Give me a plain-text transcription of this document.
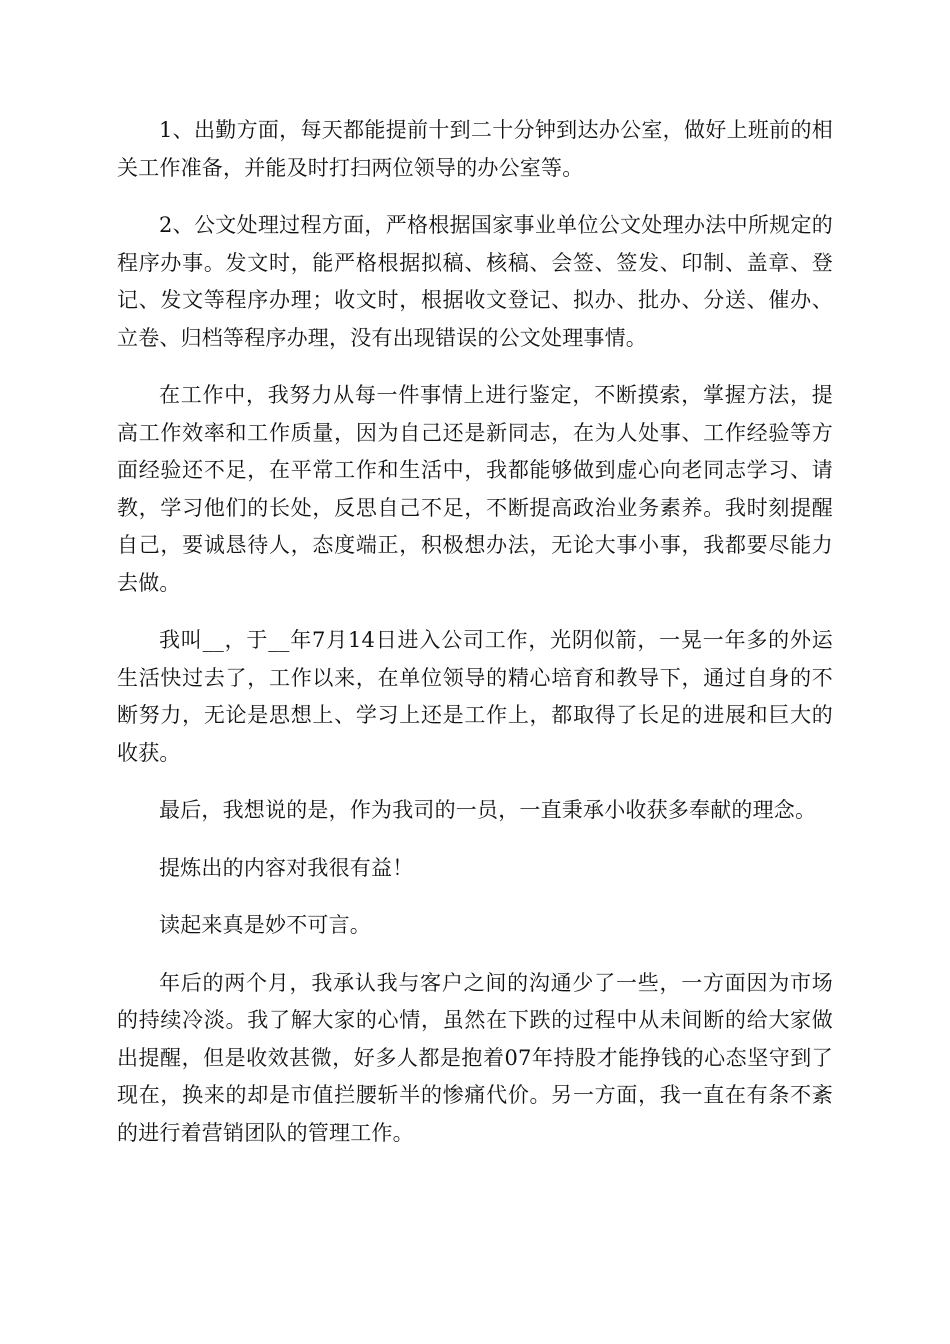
1、出勤方面，每天都能提前十到二十分钟到达办公室，做好上班前的相关工作准备，并能及时打扫两位领导的办公室等。

2、公文处理过程方面，严格根据国家事业单位公文处理办法中所规定的程序办事。发文时，能严格根据拟稿、核稿、会签、签发、印制、盖章、登记、发文等程序办理；收文时，根据收文登记、拟办、批办、分送、催办、立卷、归档等程序办理，没有出现错误的公文处理事情。

在工作中，我努力从每一件事情上进行鉴定，不断摸索，掌握方法，提高工作效率和工作质量，因为自己还是新同志，在为人处事、工作经验等方面经验还不足，在平常工作和生活中，我都能够做到虚心向老同志学习、请教，学习他们的长处，反思自己不足，不断提高政治业务素养。我时刻提醒自己，要诚恳待人，态度端正，积极想办法，无论大事小事，我都要尽能力去做。

我叫__，于__年7月14日进入公司工作，光阴似箭，一晃一年多的外运生活快过去了，工作以来，在单位领导的精心培育和教导下，通过自身的不断努力，无论是思想上、学习上还是工作上，都取得了长足的进展和巨大的收获。

最后，我想说的是，作为我司的一员，一直秉承小收获多奉献的理念。

提炼出的内容对我很有益！

读起来真是妙不可言。

年后的两个月，我承认我与客户之间的沟通少了一些，一方面因为市场的持续冷淡。我了解大家的心情，虽然在下跌的过程中从未间断的给大家做出提醒，但是收效甚微，好多人都是抱着07年持股才能挣钱的心态坚守到了现在，换来的却是市值拦腰斩半的惨痛代价。另一方面，我一直在有条不紊的进行着营销团队的管理工作。
